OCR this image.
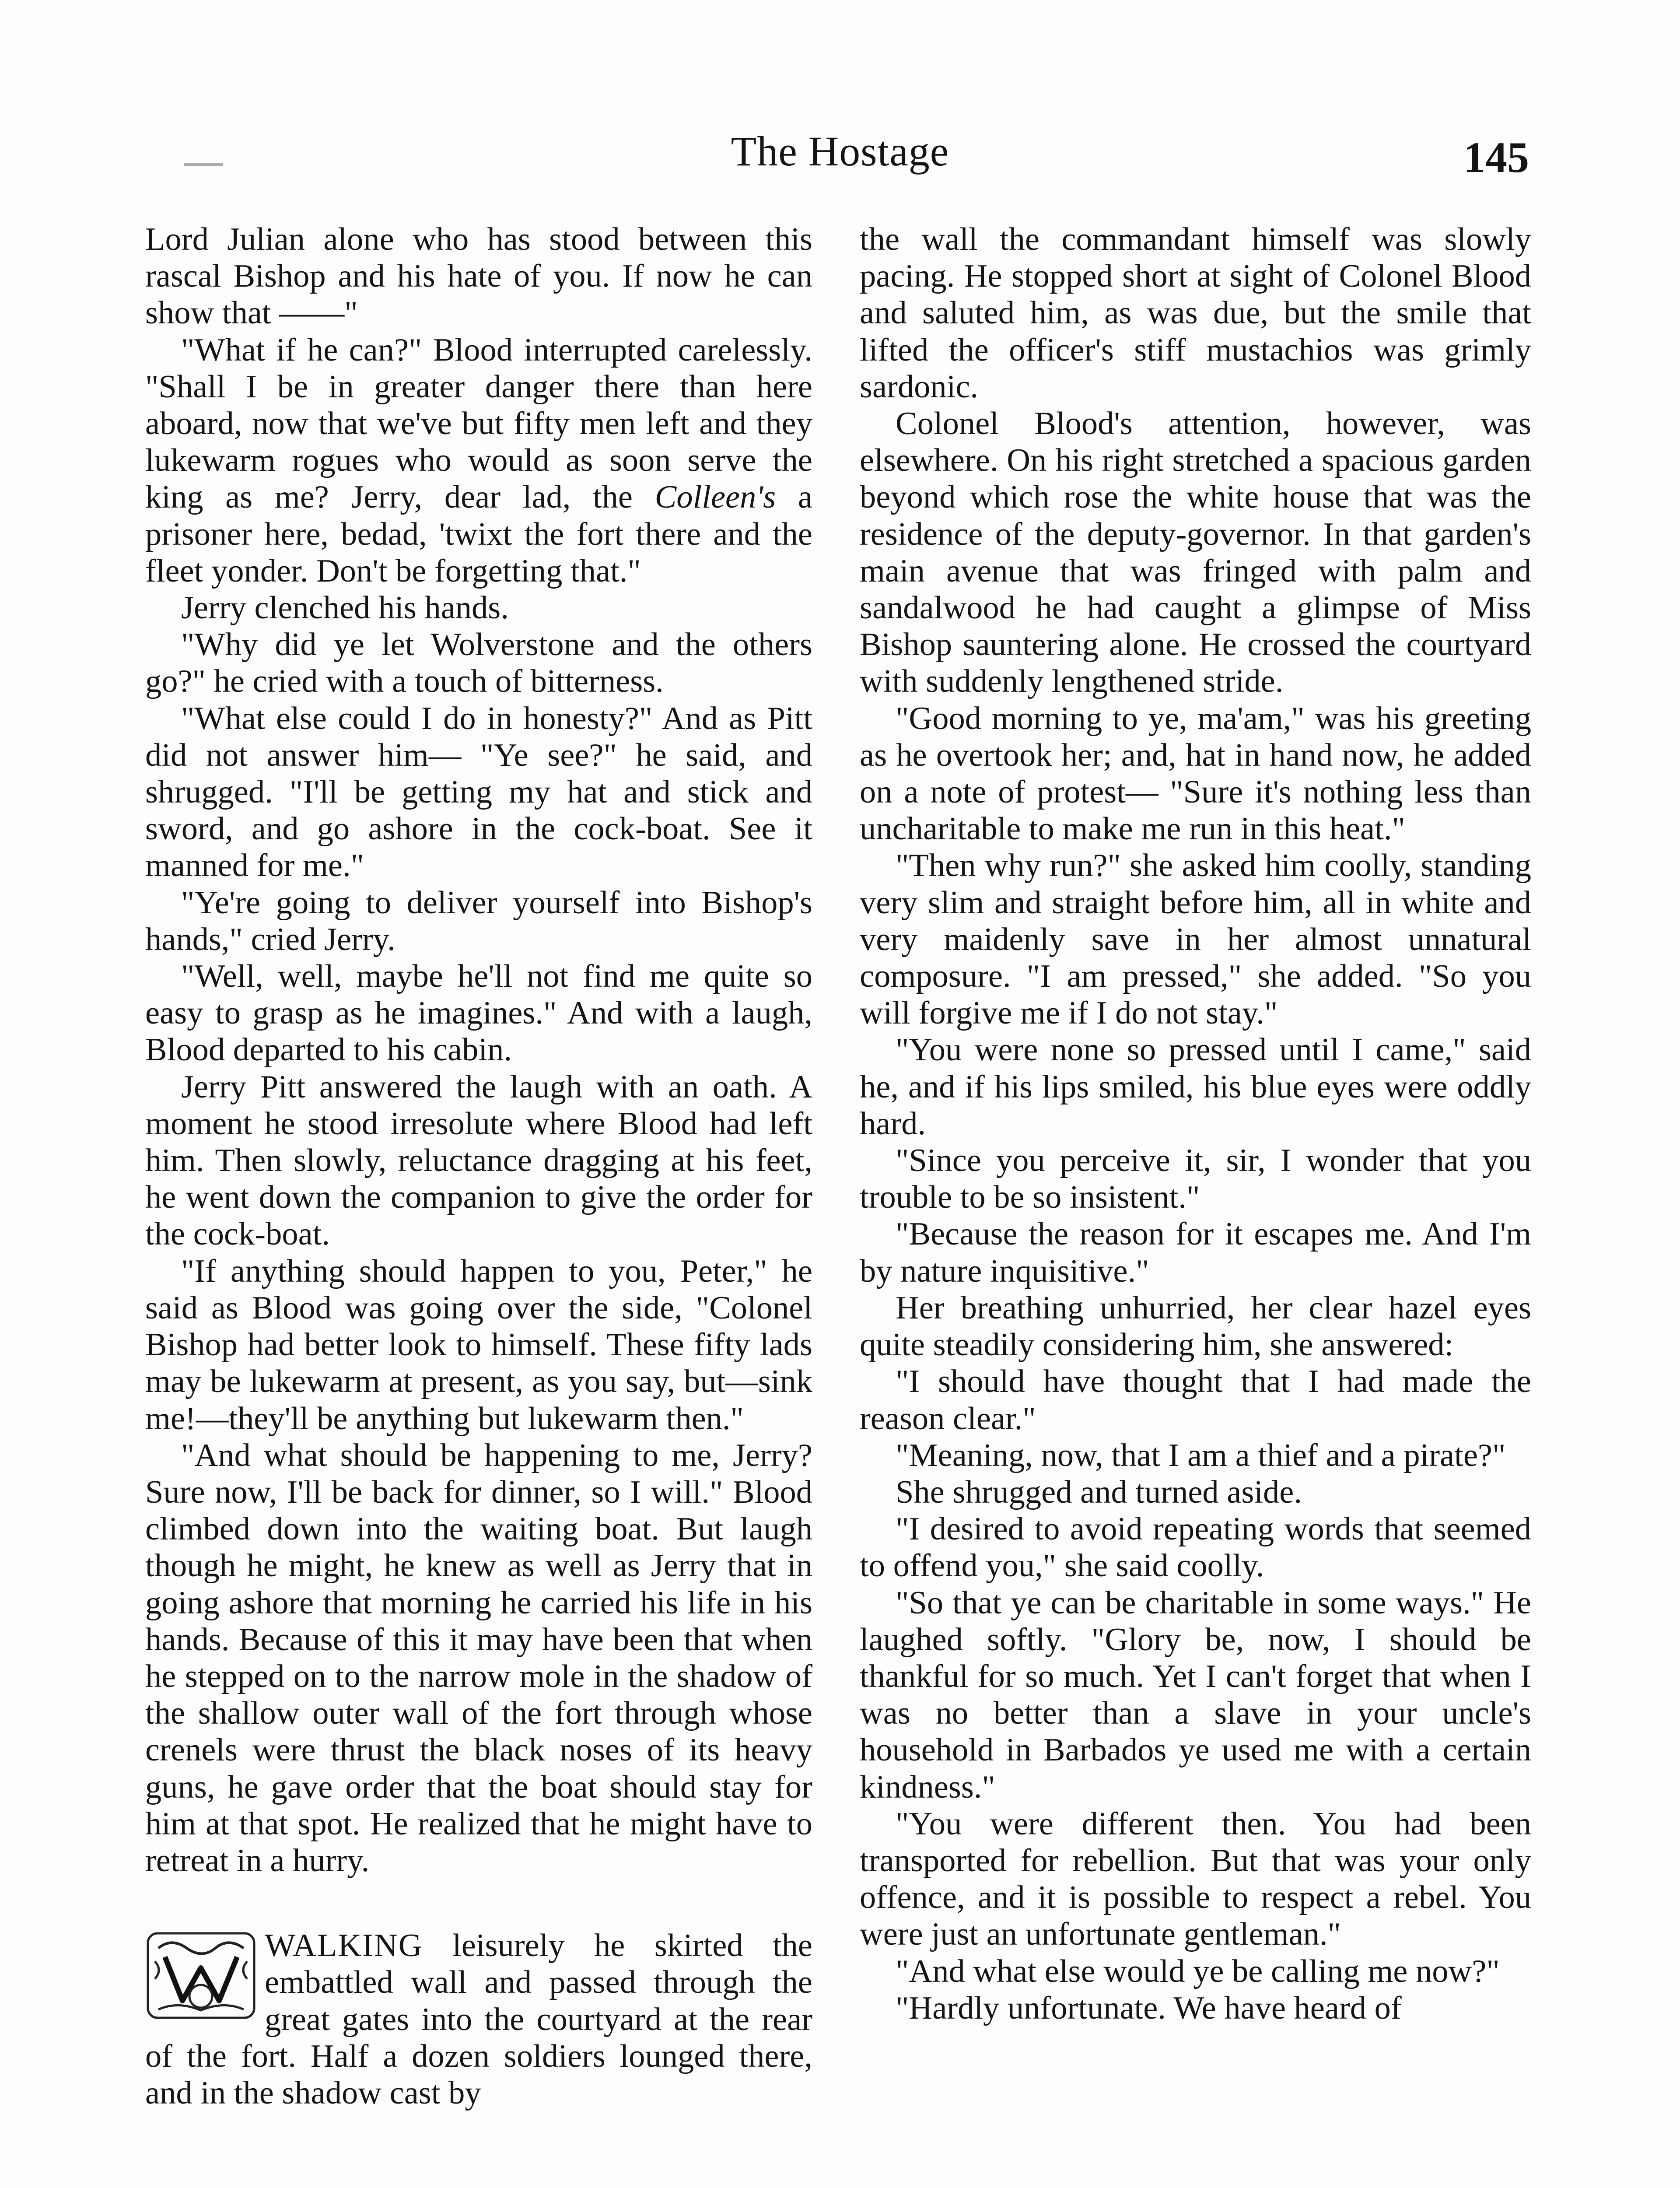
The Hostage	145

Lord Julian alone who has stood between this rascal Bishop and his hate of you. If now he can show that ——"

"What if he can?" Blood interrupted carelessly. "Shall I be in greater danger there than here aboard, now that we've but fifty men left and they lukewarm rogues who would as soon serve the king as me? Jerry, dear lad, the Colleen's a prisoner here, bedad, 'twixt the fort there and the fleet yonder. Don't be forgetting that."

Jerry clenched his hands.

"Why did ye let Wolverstone and the others go?" he cried with a touch of bitterness.

"What else could I do in honesty?" And as Pitt did not answer him— "Ye see?" he said, and shrugged. "I'll be getting my hat and stick and sword, and go ashore in the cock-boat. See it manned for me."

"Ye're going to deliver yourself into Bishop's hands," cried Jerry.

"Well, well, maybe he'll not find me quite so easy to grasp as he imagines." And with a laugh, Blood departed to his cabin.

Jerry Pitt answered the laugh with an oath. A moment he stood irresolute where Blood had left him. Then slowly, reluctance dragging at his feet, he went down the companion to give the order for the cock-boat.

"If anything should happen to you, Peter," he said as Blood was going over the side, "Colonel Bishop had better look to himself. These fifty lads may be lukewarm at present, as you say, but—sink me!—they'll be anything but lukewarm then."

"And what should be happening to me, Jerry? Sure now, I'll be back for dinner, so I will." Blood climbed down into the waiting boat. But laugh though he might, he knew as well as Jerry that in going ashore that morning he carried his life in his hands. Because of this it may have been that when he stepped on to the narrow mole in the shadow of the shallow outer wall of the fort through whose crenels were thrust the black noses of its heavy guns, he gave order that the boat should stay for him at that spot. He realized that he might have to retreat in a hurry.

WALKING leisurely he skirted the embattled wall and passed through the great gates into the courtyard at the rear of the fort. Half a dozen soldiers lounged there, and in the shadow cast by

the wall the commandant himself was slowly pacing. He stopped short at sight of Colonel Blood and saluted him, as was due, but the smile that lifted the officer's stiff mustachios was grimly sardonic.

Colonel Blood's attention, however, was elsewhere. On his right stretched a spacious garden beyond which rose the white house that was the residence of the deputy-governor. In that garden's main avenue that was fringed with palm and sandalwood he had caught a glimpse of Miss Bishop sauntering alone. He crossed the courtyard with suddenly lengthened stride.

"Good morning to ye, ma'am," was his greeting as he overtook her; and, hat in hand now, he added on a note of protest— "Sure it's nothing less than uncharitable to make me run in this heat."

"Then why run?" she asked him coolly, standing very slim and straight before him, all in white and very maidenly save in her almost unnatural composure. "I am pressed," she added. "So you will forgive me if I do not stay."

"You were none so pressed until I came," said he, and if his lips smiled, his blue eyes were oddly hard.

"Since you perceive it, sir, I wonder that you trouble to be so insistent."

"Because the reason for it escapes me. And I'm by nature inquisitive."

Her breathing unhurried, her clear hazel eyes quite steadily considering him, she answered:

"I should have thought that I had made the reason clear."

"Meaning, now, that I am a thief and a pirate?"

She shrugged and turned aside.

"I desired to avoid repeating words that seemed to offend you," she said coolly.

"So that ye can be charitable in some ways." He laughed softly. "Glory be, now, I should be thankful for so much. Yet I can't forget that when I was no better than a slave in your uncle's household in Barbados ye used me with a certain kindness."

"You were different then. You had been transported for rebellion. But that was your only offence, and it is possible to respect a rebel. You were just an unfortunate gentleman."

"And what else would ye be calling me now?"

"Hardly unfortunate. We have heard of
